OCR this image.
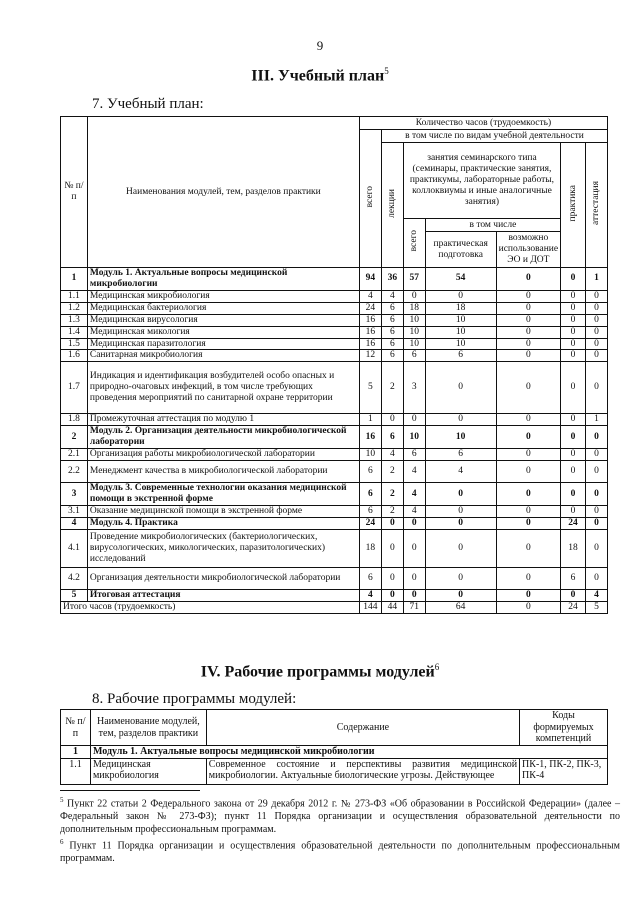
9
III. Учебный план$^5$
7. Учебный план:
№ п/п	Наименования модулей, тем, разделов практики	Количество часов (трудоемкость)						
		всего	в том числе по видам учебной деятельности					
			лекции	занятия семинарского типа (семинары, практические занятия, практикумы, лабораторные работы, коллоквиумы и иные аналогичные занятия)			практика	аттестация
				всего	в том числе			
					практическая подготовка	возможно использование ЭО и ДОТ		
1	Модуль 1. Актуальные вопросы медицинской микробиологии	94	36	57	54	0	0	1
1.1	Медицинская микробиология	4	4	0	0	0	0	0
1.2	Медицинская бактериология	24	6	18	18	0	0	0
1.3	Медицинская вирусология	16	6	10	10	0	0	0
1.4	Медицинская микология	16	6	10	10	0	0	0
1.5	Медицинская паразитология	16	6	10	10	0	0	0
1.6	Санитарная микробиология	12	6	6	6	0	0	0
1.7	Индикация и идентификация возбудителей особо опасных и природно-очаговых инфекций, в том числе требующих проведения мероприятий по санитарной охране территории	5	2	3	0	0	0	0
1.8	Промежуточная аттестация по модулю 1	1	0	0	0	0	0	1
2	Модуль 2. Организация деятельности микробиологической лаборатории	16	6	10	10	0	0	0
2.1	Организация работы микробиологической лаборатории	10	4	6	6	0	0	0
2.2	Менеджмент качества в микробиологической лаборатории	6	2	4	4	0	0	0
3	Модуль 3. Современные технологии оказания медицинской помощи в экстренной форме	6	2	4	0	0	0	0
3.1	Оказание медицинской помощи в экстренной форме	6	2	4	0	0	0	0
4	Модуль 4. Практика	24	0	0	0	0	24	0
4.1	Проведение микробиологических (бактериологических, вирусологических, микологических, паразитологических) исследований	18	0	0	0	0	18	0
4.2	Организация деятельности микробиологической лаборатории	6	0	0	0	0	6	0
5	Итоговая аттестация	4	0	0	0	0	0	4
Итого часов (трудоемкость)		144	44	71	64	0	24	5
IV. Рабочие программы модулей$^6$
8. Рабочие программы модулей:
№ п/п	Наименование модулей, тем, разделов практики	Содержание	Коды формируемых компетенций
1	Модуль 1. Актуальные вопросы медицинской микробиологии		
1.1	Медицинская микробиология	Современное состояние и перспективы развития медицинской микробиологии. Актуальные биологические угрозы. Действующее	ПК-1, ПК-2, ПК-3, ПК-4
$^5$ Пункт 22 статьи 2 Федерального закона от 29 декабря 2012 г. № 273-ФЗ «Об образовании в Российской Федерации» (далее – Федеральный закон № 273-ФЗ); пункт 11 Порядка организации и осуществления образовательной деятельности по дополнительным профессиональным программам.
$^6$ Пункт 11 Порядка организации и осуществления образовательной деятельности по дополнительным профессиональным программам.
